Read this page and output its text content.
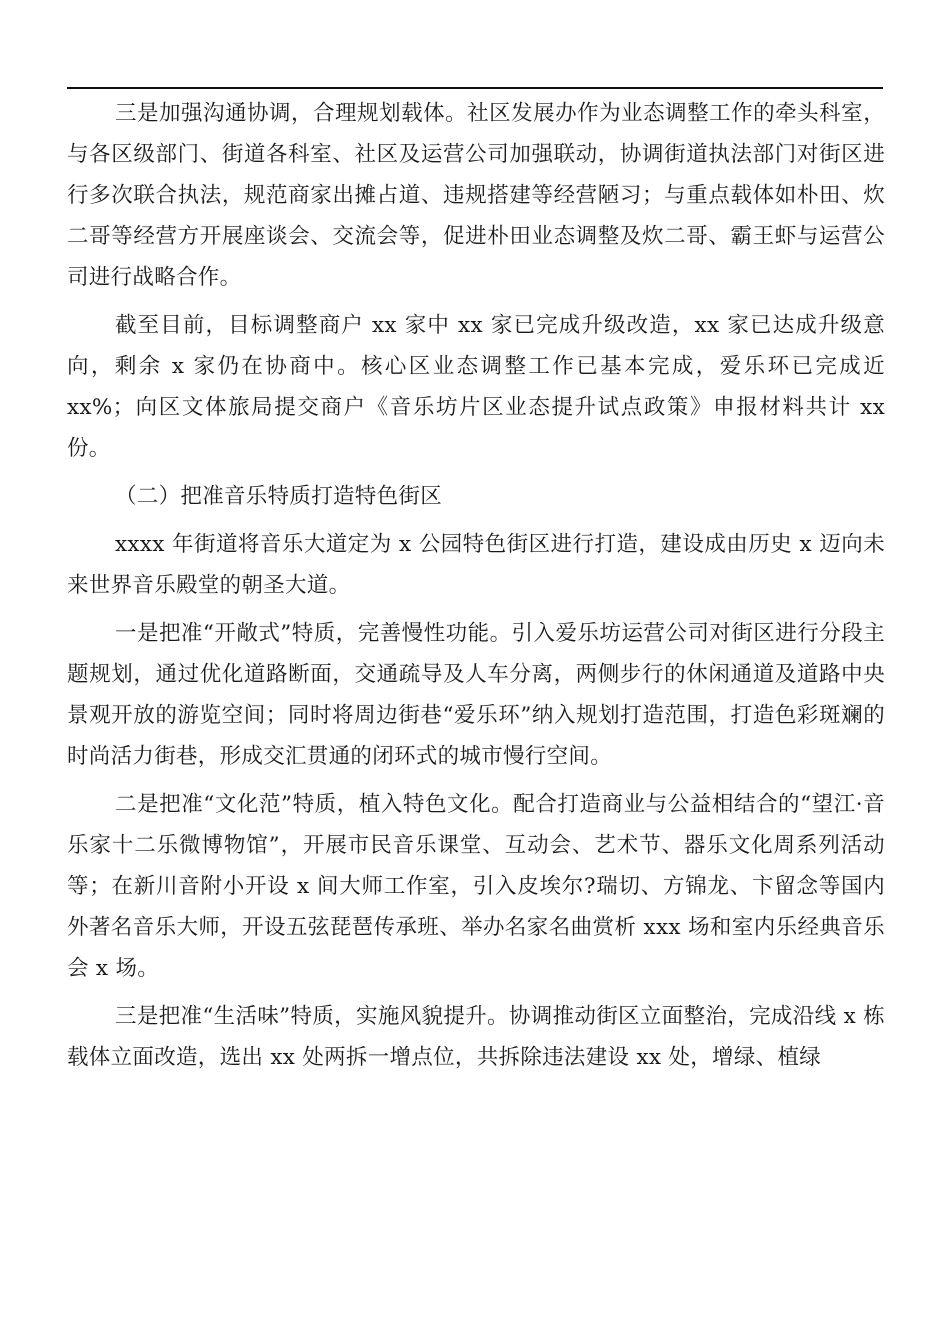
三是加强沟通协调，合理规划载体。社区发展办作为业态调整工作的牵头科室，与各区级部门、街道各科室、社区及运营公司加强联动，协调街道执法部门对街区进行多次联合执法，规范商家出摊占道、违规搭建等经营陋习；与重点载体如朴田、炊二哥等经营方开展座谈会、交流会等，促进朴田业态调整及炊二哥、霸王虾与运营公司进行战略合作。

截至目前，目标调整商户 xx 家中 xx 家已完成升级改造，xx 家已达成升级意向，剩余 x 家仍在协商中。核心区业态调整工作已基本完成，爱乐环已完成近 xx%；向区文体旅局提交商户《音乐坊片区业态提升试点政策》申报材料共计 xx 份。

（二）把准音乐特质打造特色街区

xxxx 年街道将音乐大道定为 x 公园特色街区进行打造，建设成由历史 x 迈向未来世界音乐殿堂的朝圣大道。

一是把准“开敞式”特质，完善慢性功能。引入爱乐坊运营公司对街区进行分段主题规划，通过优化道路断面，交通疏导及人车分离，两侧步行的休闲通道及道路中央景观开放的游览空间；同时将周边街巷“爱乐环”纳入规划打造范围，打造色彩斑斓的时尚活力街巷，形成交汇贯通的闭环式的城市慢行空间。

二是把准“文化范”特质，植入特色文化。配合打造商业与公益相结合的“望江·音乐家十二乐微博物馆”，开展市民音乐课堂、互动会、艺术节、器乐文化周系列活动等；在新川音附小开设 x 间大师工作室，引入皮埃尔?瑞切、方锦龙、卞留念等国内外著名音乐大师，开设五弦琵琶传承班、举办名家名曲赏析 xxx 场和室内乐经典音乐会 x 场。

三是把准“生活味”特质，实施风貌提升。协调推动街区立面整治，完成沿线 x 栋载体立面改造，选出 xx 处两拆一增点位，共拆除违法建设 xx 处，增绿、植绿
